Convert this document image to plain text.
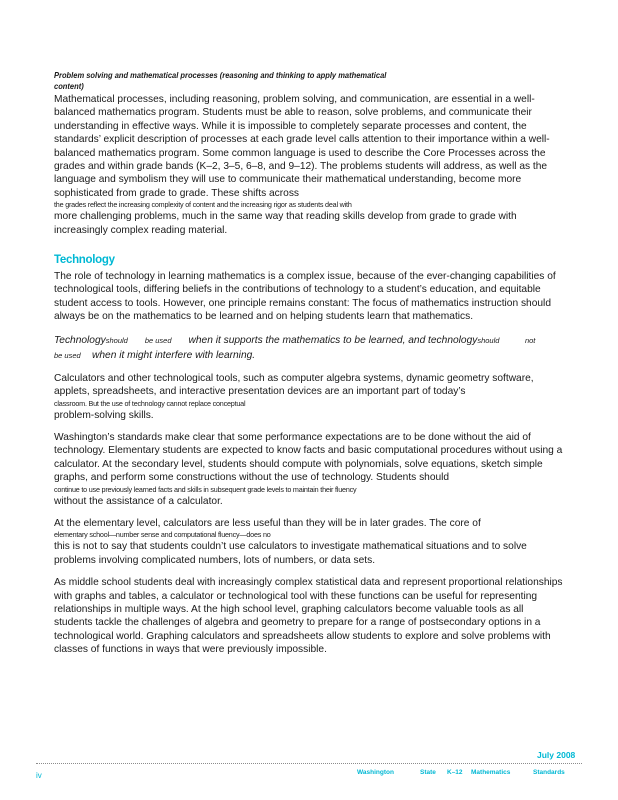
Problem solving and mathematical processes (reasoning and thinking to apply mathematical
content)

Mathematical processes, including reasoning, problem solving, and communication, are essential in a well-balanced mathematics program. Students must be able to reason, solve problems, and communicate their understanding in effective ways. While it is impossible to completely separate processes and content, the standards’ explicit description of processes at each grade level calls attention to their importance within a well-balanced mathematics program. Some common language is used to describe the Core Processes across the grades and within grade bands (K–2, 3–5, 6–8, and 9–12). The problems students will address, as well as the language and symbolism they will use to communicate their mathematical understanding, become more sophisticated from grade to grade. These shifts across
the grades reflect the increasing complexity of content and the increasing rigor as students deal with
more challenging problems, much in the same way that reading skills develop from grade to grade with increasingly complex reading material.

Technology

The role of technology in learning mathematics is a complex issue, because of the ever-changing capabilities of technological tools, differing beliefs in the contributions of technology to a student’s education, and equitable student access to tools. However, one principle remains constant: The focus of mathematics instruction should always be on the mathematics to be learned and on helping students learn that mathematics.

Technologyshould be used when it supports the mathematics to be learned, and technologyshould	not
be used when it might interfere with learning.

Calculators and other technological tools, such as computer algebra systems, dynamic geometry software, applets, spreadsheets, and interactive presentation devices are an important part of today’s
classroom. But the use of technology cannot replace conceptual
problem-solving skills.

Washington’s standards make clear that some performance expectations are to be done without the aid of technology. Elementary students are expected to know facts and basic computational procedures without using a calculator. At the secondary level, students should compute with polynomials, solve equations, sketch simple graphs, and perform some constructions without the use of technology. Students should
continue to use previously learned facts and skills in subsequent grade levels to maintain their fluency
without the assistance of a calculator.

At the elementary level, calculators are less useful than they will be in later grades. The core of
elementary school—number sense and computational fluency—does no
this is not to say that students couldn’t use calculators to investigate mathematical situations and to solve problems involving complicated numbers, lots of numbers, or data sets.

As middle school students deal with increasingly complex statistical data and represent proportional relationships with graphs and tables, a calculator or technological tool with these functions can be useful for representing relationships in multiple ways. At the high school level, graphing calculators become valuable tools as all students tackle the challenges of algebra and geometry to prepare for a range of postsecondary options in a technological world. Graphing calculators and spreadsheets allow students to explore and solve problems with classes of functions in ways that were previously impossible.

July 2008
iv	Washington	State K–12 Mathematics	Standards
